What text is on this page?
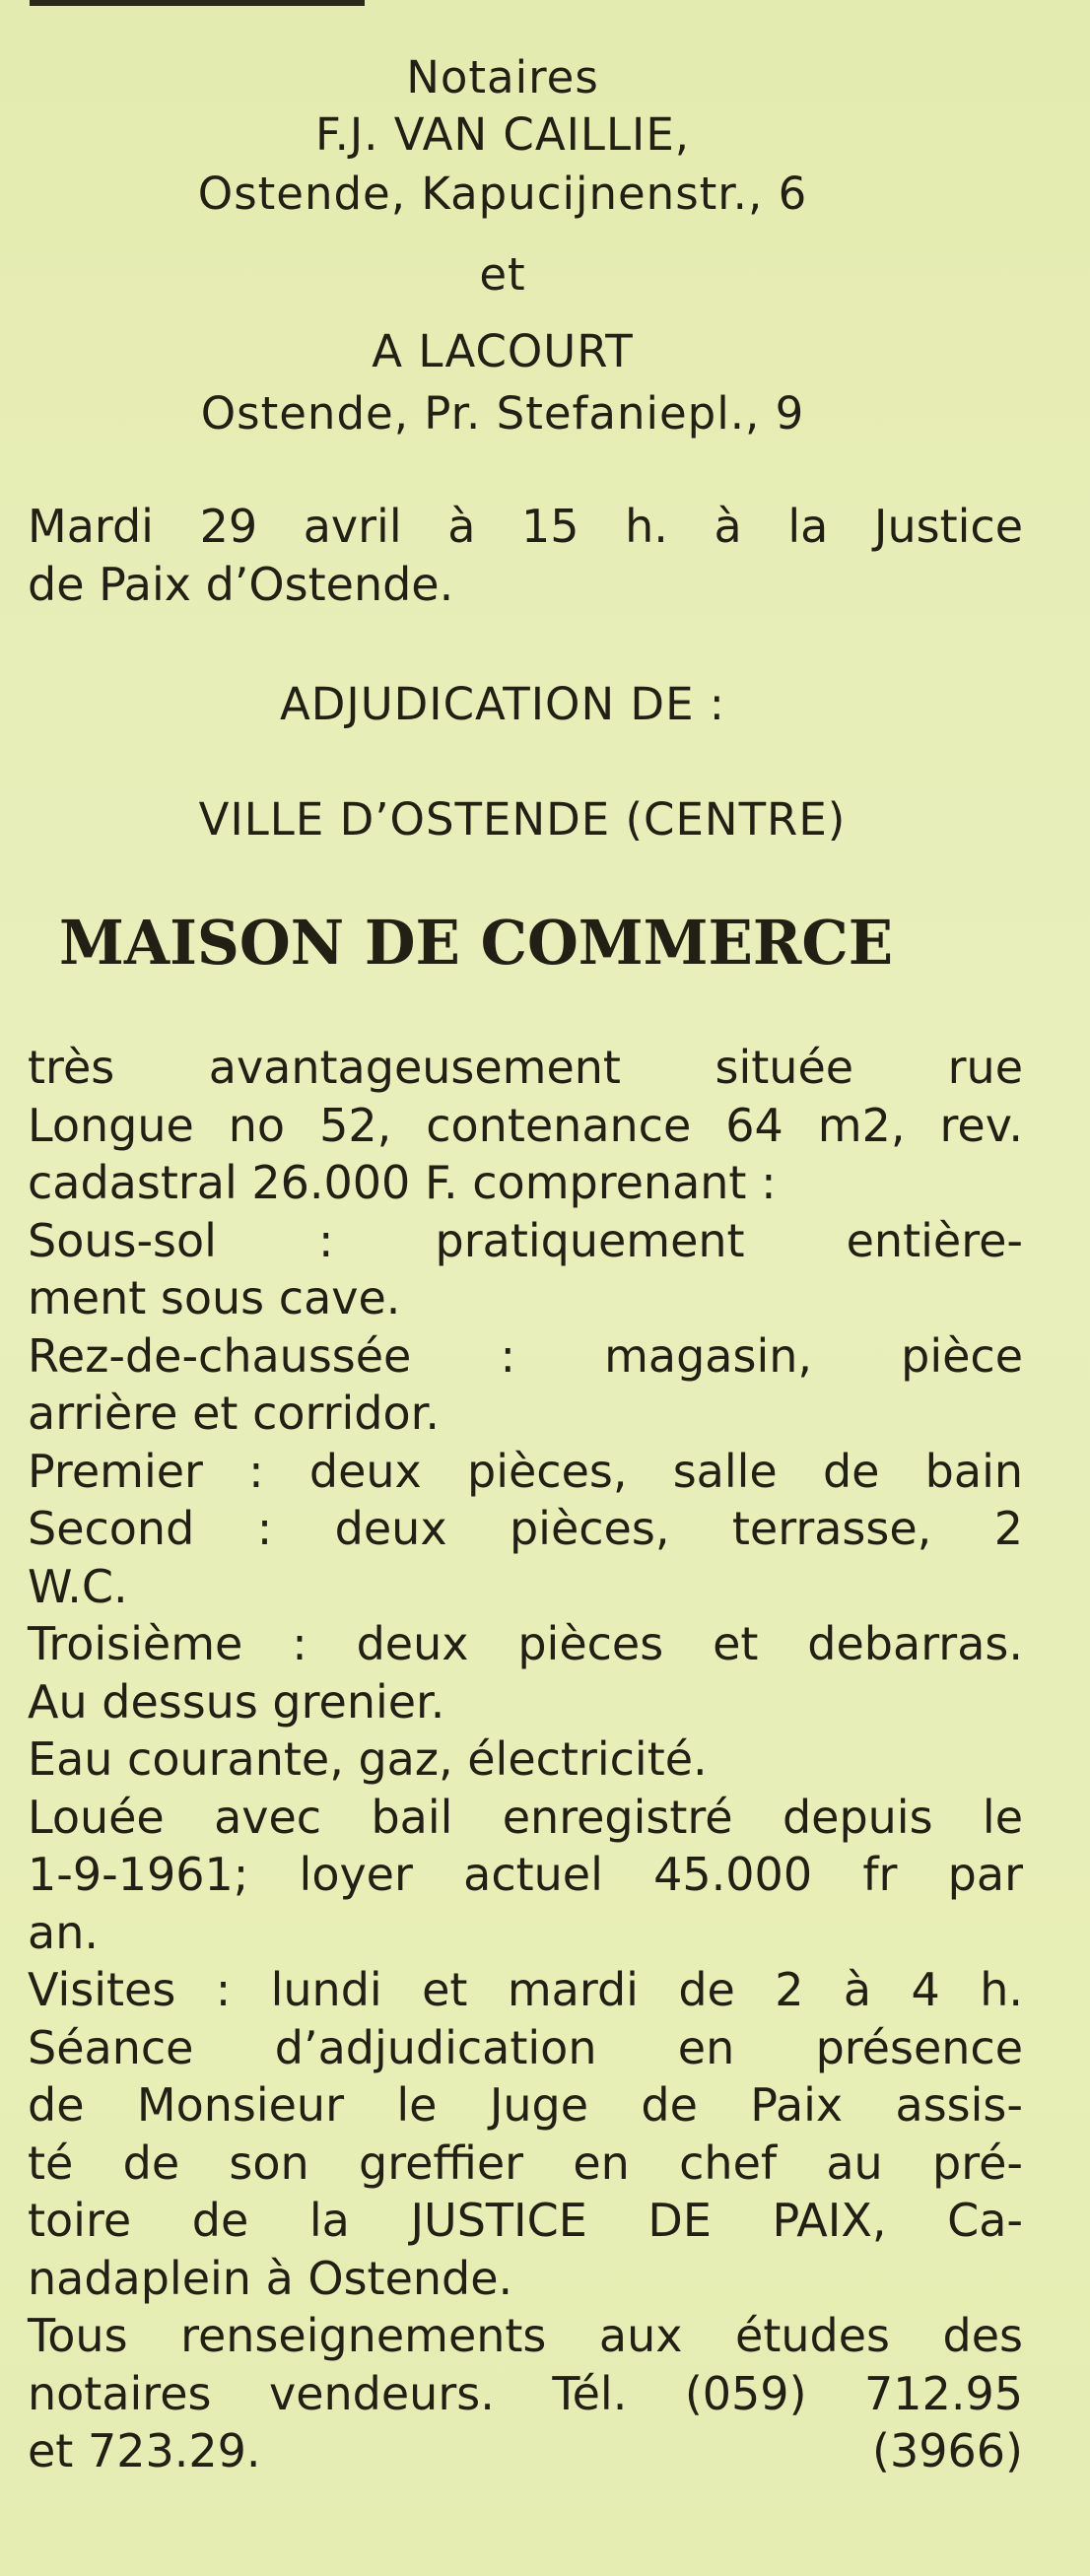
Notaires
F.J. VAN CAILLIE,
Ostende, Kapucijnenstr., 6
et
A LACOURT
Ostende, Pr. Stefaniepl., 9
Mardi 29 avril à 15 h. à la Justice
de Paix d’Ostende.
ADJUDICATION DE :
VILLE D’OSTENDE (CENTRE)
MAISON DE COMMERCE
très avantageusement située rue
Longue no 52, contenance 64 m2, rev.
cadastral 26.000 F. comprenant :
Sous-sol : pratiquement entière-
ment sous cave.
Rez-de-chaussée : magasin, pièce
arrière et corridor.
Premier : deux pièces, salle de bain
Second : deux pièces, terrasse, 2
W.C.
Troisième : deux pièces et debarras.
Au dessus grenier.
Eau courante, gaz, électricité.
Louée avec bail enregistré depuis le
1-9-1961; loyer actuel 45.000 fr par
an.
Visites : lundi et mardi de 2 à 4 h.
Séance d’adjudication en présence
de Monsieur le Juge de Paix assis-
té de son greffier en chef au pré-
toire de la JUSTICE DE PAIX, Ca-
nadaplein à Ostende.
Tous renseignements aux études des
notaires vendeurs. Tél. (059) 712.95
et 723.29.	(3966)
